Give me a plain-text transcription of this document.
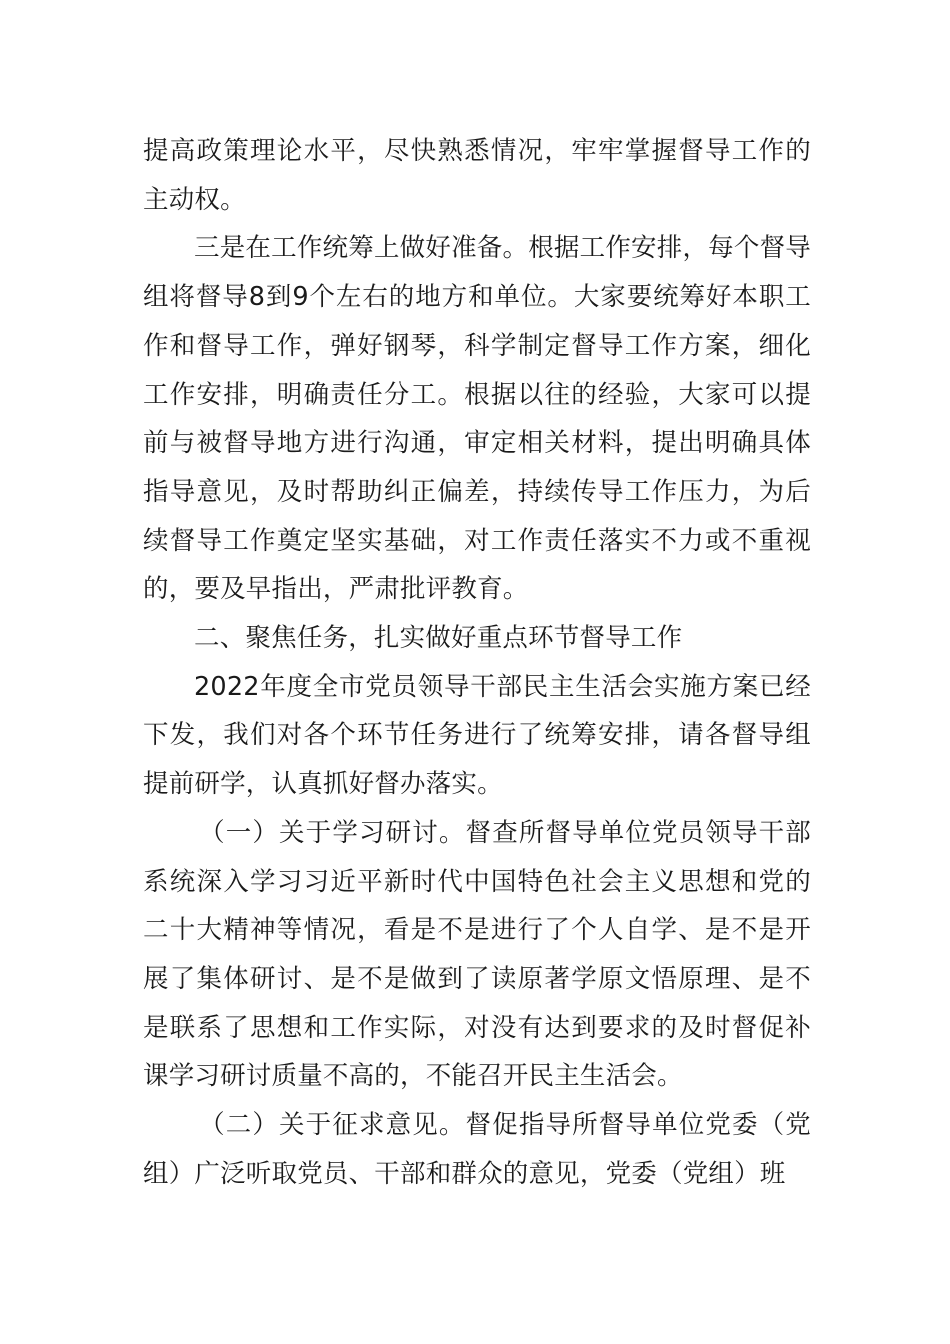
提高政策理论水平，尽快熟悉情况，牢牢掌握督导工作的主动权。

三是在工作统筹上做好准备。根据工作安排，每个督导组将督导8到9个左右的地方和单位。大家要统筹好本职工作和督导工作，弹好钢琴，科学制定督导工作方案，细化工作安排，明确责任分工。根据以往的经验，大家可以提前与被督导地方进行沟通，审定相关材料，提出明确具体指导意见，及时帮助纠正偏差，持续传导工作压力，为后续督导工作奠定坚实基础，对工作责任落实不力或不重视的，要及早指出，严肃批评教育。

二、聚焦任务，扎实做好重点环节督导工作

2022年度全市党员领导干部民主生活会实施方案已经下发，我们对各个环节任务进行了统筹安排，请各督导组提前研学，认真抓好督办落实。

（一）关于学习研讨。督查所督导单位党员领导干部系统深入学习习近平新时代中国特色社会主义思想和党的二十大精神等情况，看是不是进行了个人自学、是不是开展了集体研讨、是不是做到了读原著学原文悟原理、是不是联系了思想和工作实际，对没有达到要求的及时督促补课学习研讨质量不高的，不能召开民主生活会。

（二）关于征求意见。督促指导所督导单位党委（党组）广泛听取党员、干部和群众的意见，党委（党组）班
